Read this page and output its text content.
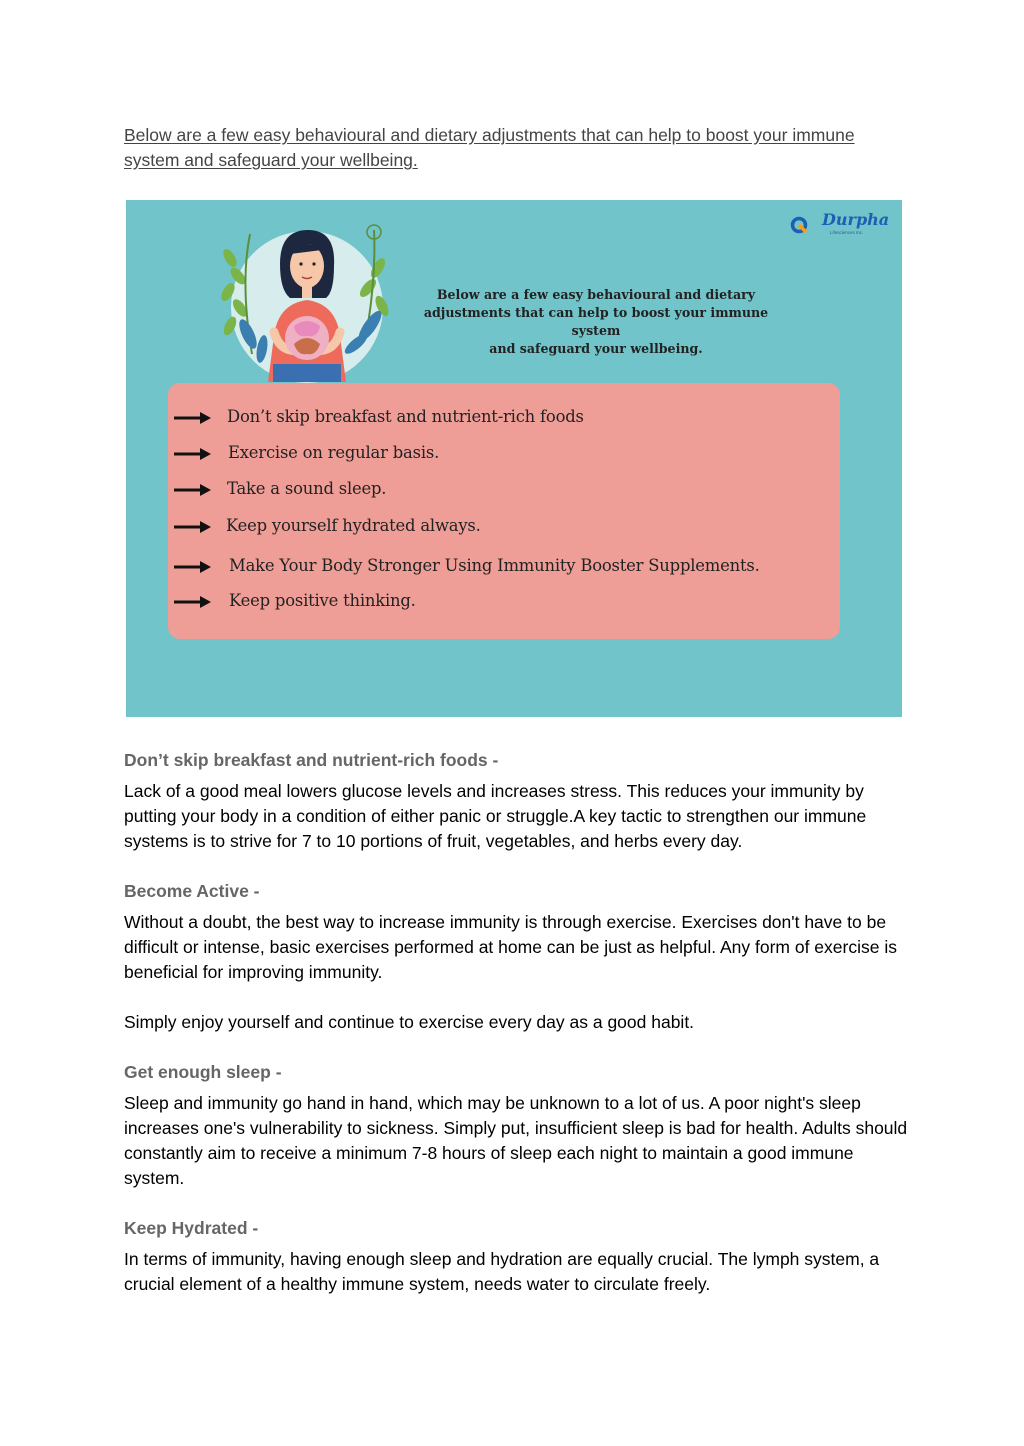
Below are a few easy behavioural and dietary adjustments that can help to boost your immune system and safeguard your wellbeing.
Durpha
Lifesciences Inc.
Below are a few easy behavioural and dietary
adjustments that can help to boost your immune system
and safeguard your wellbeing.
Don’t skip breakfast and nutrient-rich foods
Exercise on regular basis.
Take a sound sleep.
Keep yourself hydrated always.
Make Your Body Stronger Using Immunity Booster Supplements.
Keep positive thinking.
Don’t skip breakfast and nutrient-rich foods -
Lack of a good meal lowers glucose levels and increases stress. This reduces your immunity by putting your body in a condition of either panic or struggle.A key tactic to strengthen our immune systems is to strive for 7 to 10 portions of fruit, vegetables, and herbs every day.
Become Active -
Without a doubt, the best way to increase immunity is through exercise. Exercises don't have to be difficult or intense, basic exercises performed at home can be just as helpful. Any form of exercise is beneficial for improving immunity.
Simply enjoy yourself and continue to exercise every day as a good habit.
Get enough sleep -
Sleep and immunity go hand in hand, which may be unknown to a lot of us. A poor night's sleep increases one's vulnerability to sickness. Simply put, insufficient sleep is bad for health. Adults should constantly aim to receive a minimum 7-8 hours of sleep each night to maintain a good immune system.
Keep Hydrated -
In terms of immunity, having enough sleep and hydration are equally crucial. The lymph system, a crucial element of a healthy immune system, needs water to circulate freely.
